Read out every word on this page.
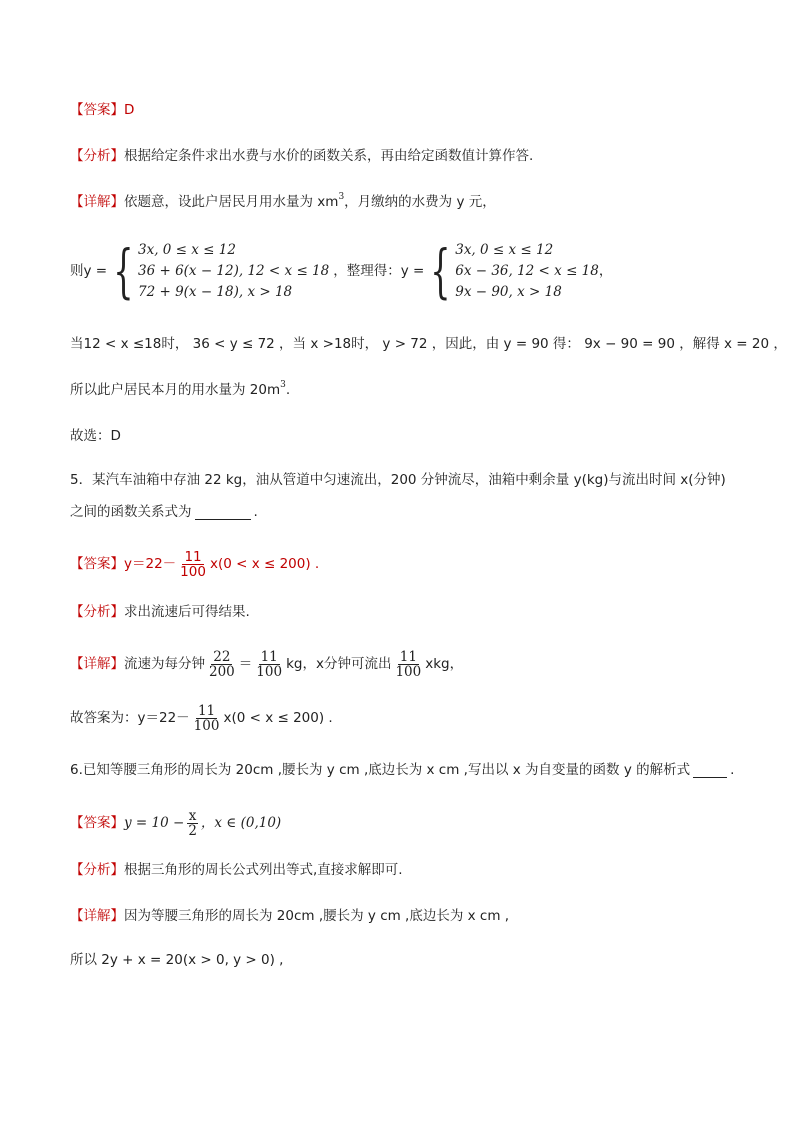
【答案】 D
【分析】 根据给定条件求出水费与水价的函数关系，再由给定函数值计算作答.
【详解】 依题意，设此户居民月用水量为 xm 3 ，月缴纳的水费为 y 元，
则y = { 3x, 0 ≤ x ≤ 12
36 + 6(x − 12), 12 < x ≤ 18
72 + 9(x − 18), x > 18
，整理得：y = { 3x, 0 ≤ x ≤ 12
6x − 36, 12 < x ≤ 18
9x − 90, x > 18
，
当12 < x ≤18时， 36 < y ≤ 72 ，当 x >18时， y > 72 ，因此，由 y = 90 得： 9x − 90 = 90 ，解得 x = 20 ，
所以此户居民本月的用水量为 20m 3 .
故选：D
5．某汽车油箱中存油 22 kg，油从管道中匀速流出，200 分钟流尽，油箱中剩余量 y(kg)与流出时间 x(分钟)
之间的函数关系式为	.
【答案】 $y=22- \frac{11}{100} x(0 < x \le 200)$ .
【分析】 求出流速后可得结果.
【详解】 流速为每分钟 $\frac{22}{200} = \frac{11}{100}$ kg，x分钟可流出 $\frac{11}{100}$ xkg，
故答案为：$y=22- \frac{11}{100} x(0 < x \le 200)$ .
6.已知等腰三角形的周长为 20cm ,腰长为 y cm ,底边长为 x cm ,写出以 x 为自变量的函数 y 的解析式	.
【答案】 $y = 10 - \frac{x}{2}$ ，x ∈ (0,10)
【分析】 根据三角形的周长公式列出等式,直接求解即可.
【详解】 因为等腰三角形的周长为 20cm ,腰长为 y cm ,底边长为 x cm ,
所以 2y + x = 20(x > 0, y > 0) ,
